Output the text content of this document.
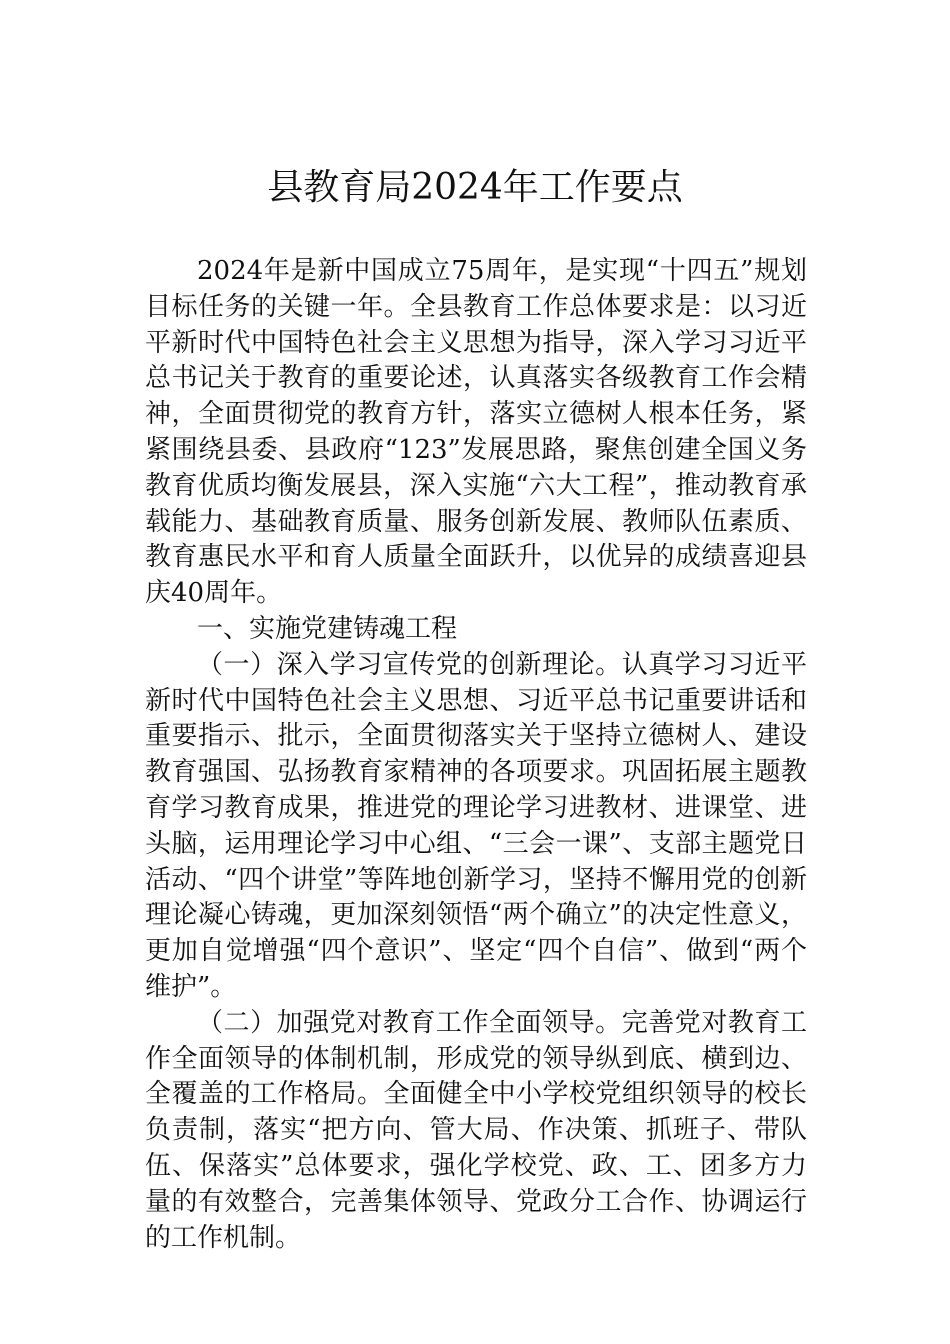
县教育局2024年工作要点

2024年是新中国成立75周年，是实现“十四五”规划目标任务的关键一年。全县教育工作总体要求是：以习近平新时代中国特色社会主义思想为指导，深入学习习近平总书记关于教育的重要论述，认真落实各级教育工作会精神，全面贯彻党的教育方针，落实立德树人根本任务，紧紧围绕县委、县政府“123”发展思路，聚焦创建全国义务教育优质均衡发展县，深入实施“六大工程”，推动教育承载能力、基础教育质量、服务创新发展、教师队伍素质、教育惠民水平和育人质量全面跃升，以优异的成绩喜迎县庆40周年。

一、实施党建铸魂工程

（一）深入学习宣传党的创新理论。认真学习习近平新时代中国特色社会主义思想、习近平总书记重要讲话和重要指示、批示，全面贯彻落实关于坚持立德树人、建设教育强国、弘扬教育家精神的各项要求。巩固拓展主题教育学习教育成果，推进党的理论学习进教材、进课堂、进头脑，运用理论学习中心组、“三会一课”、支部主题党日活动、“四个讲堂”等阵地创新学习，坚持不懈用党的创新理论凝心铸魂，更加深刻领悟“两个确立”的决定性意义，更加自觉增强“四个意识”、坚定“四个自信”、做到“两个维护”。

（二）加强党对教育工作全面领导。完善党对教育工作全面领导的体制机制，形成党的领导纵到底、横到边、全覆盖的工作格局。全面健全中小学校党组织领导的校长负责制，落实“把方向、管大局、作决策、抓班子、带队伍、保落实”总体要求，强化学校党、政、工、团多方力量的有效整合，完善集体领导、党政分工合作、协调运行的工作机制。
